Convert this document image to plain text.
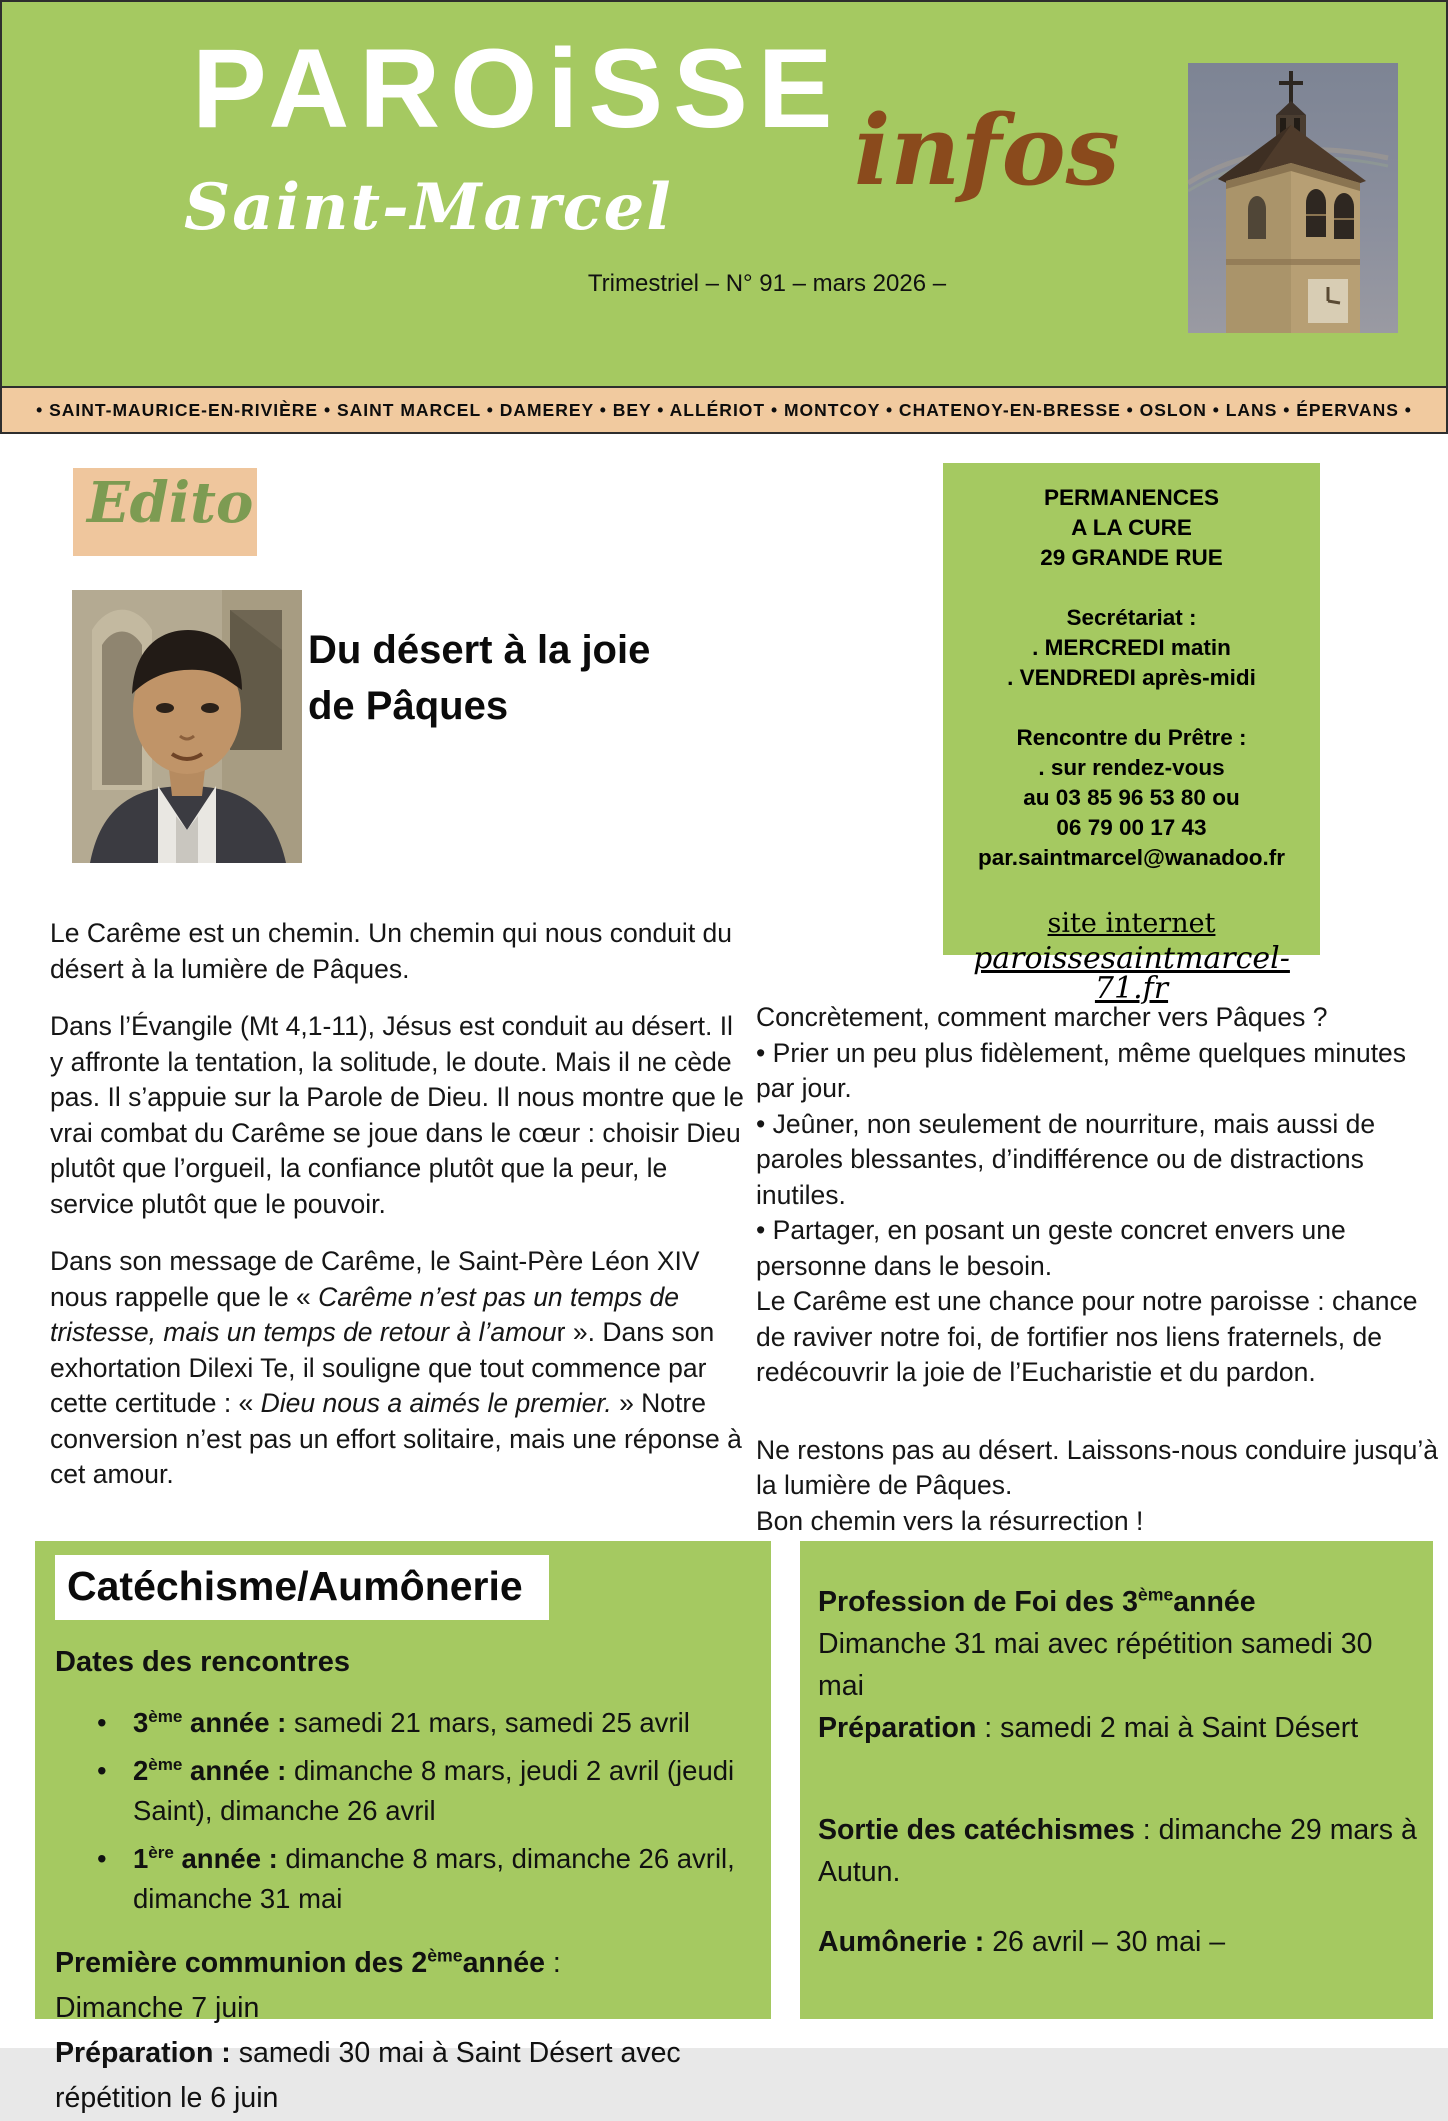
PAROiSSE
Saint-Marcel
infos
Trimestriel – N° 91 – mars 2026 –
• SAINT-MAURICE-EN-RIVIÈRE • SAINT MARCEL • DAMEREY • BEY • ALLÉRIOT • MONTCOY • CHATENOY-EN-BRESSE • OSLON • LANS • ÉPERVANS •
Edito
Du désert à la joie de Pâques
PERMANENCES
A LA CURE
29 GRANDE RUE
Secrétariat :
. MERCREDI matin
. VENDREDI après-midi
Rencontre du Prêtre :
. sur rendez-vous
au 03 85 96 53 80 ou
06 79 00 17 43
par.saintmarcel@wanadoo.fr
site internet
paroissesaintmarcel-71.fr

Le Carême est un chemin. Un chemin qui nous conduit du désert à la lumière de Pâques.

Dans l’Évangile (Mt 4,1-11), Jésus est conduit au désert. Il y affronte la tentation, la solitude, le doute. Mais il ne cède pas. Il s’appuie sur la Parole de Dieu. Il nous montre que le vrai combat du Carême se joue dans le cœur : choisir Dieu plutôt que l’orgueil, la confiance plutôt que la peur, le service plutôt que le pouvoir.

Dans son message de Carême, le Saint-Père Léon XIV nous rappelle que le « Carême n’est pas un temps de tristesse, mais un temps de retour à l’amour ». Dans son exhortation Dilexi Te, il souligne que tout commence par cette certitude : « Dieu nous a aimés le premier. » Notre conversion n’est pas un effort solitaire, mais une réponse à cet amour.

Concrètement, comment marcher vers Pâques ?
• Prier un peu plus fidèlement, même quelques minutes par jour.
• Jeûner, non seulement de nourriture, mais aussi de paroles blessantes, d’indifférence ou de distractions inutiles.
• Partager, en posant un geste concret envers une personne dans le besoin.
Le Carême est une chance pour notre paroisse : chance de raviver notre foi, de fortifier nos liens fraternels, de redécouvrir la joie de l’Eucharistie et du pardon.
Ne restons pas au désert. Laissons-nous conduire jusqu’à la lumière de Pâques.
Bon chemin vers la résurrection !
Catéchisme/Aumônerie
Dates des rencontres
• 3ème année : samedi 21 mars, samedi 25 avril
• 2ème année : dimanche 8 mars, jeudi 2 avril (jeudi Saint), dimanche 26 avril
• 1ère année : dimanche 8 mars, dimanche 26 avril, dimanche 31 mai
Première communion des 2èmeannée :
Dimanche 7 juin
Préparation : samedi 30 mai à Saint Désert avec répétition le 6 juin
Profession de Foi des 3èmeannée
Dimanche 31 mai avec répétition samedi 30 mai
Préparation : samedi 2 mai à Saint Désert
Sortie des catéchismes : dimanche 29 mars à Autun.
Aumônerie : 26 avril – 30 mai –
